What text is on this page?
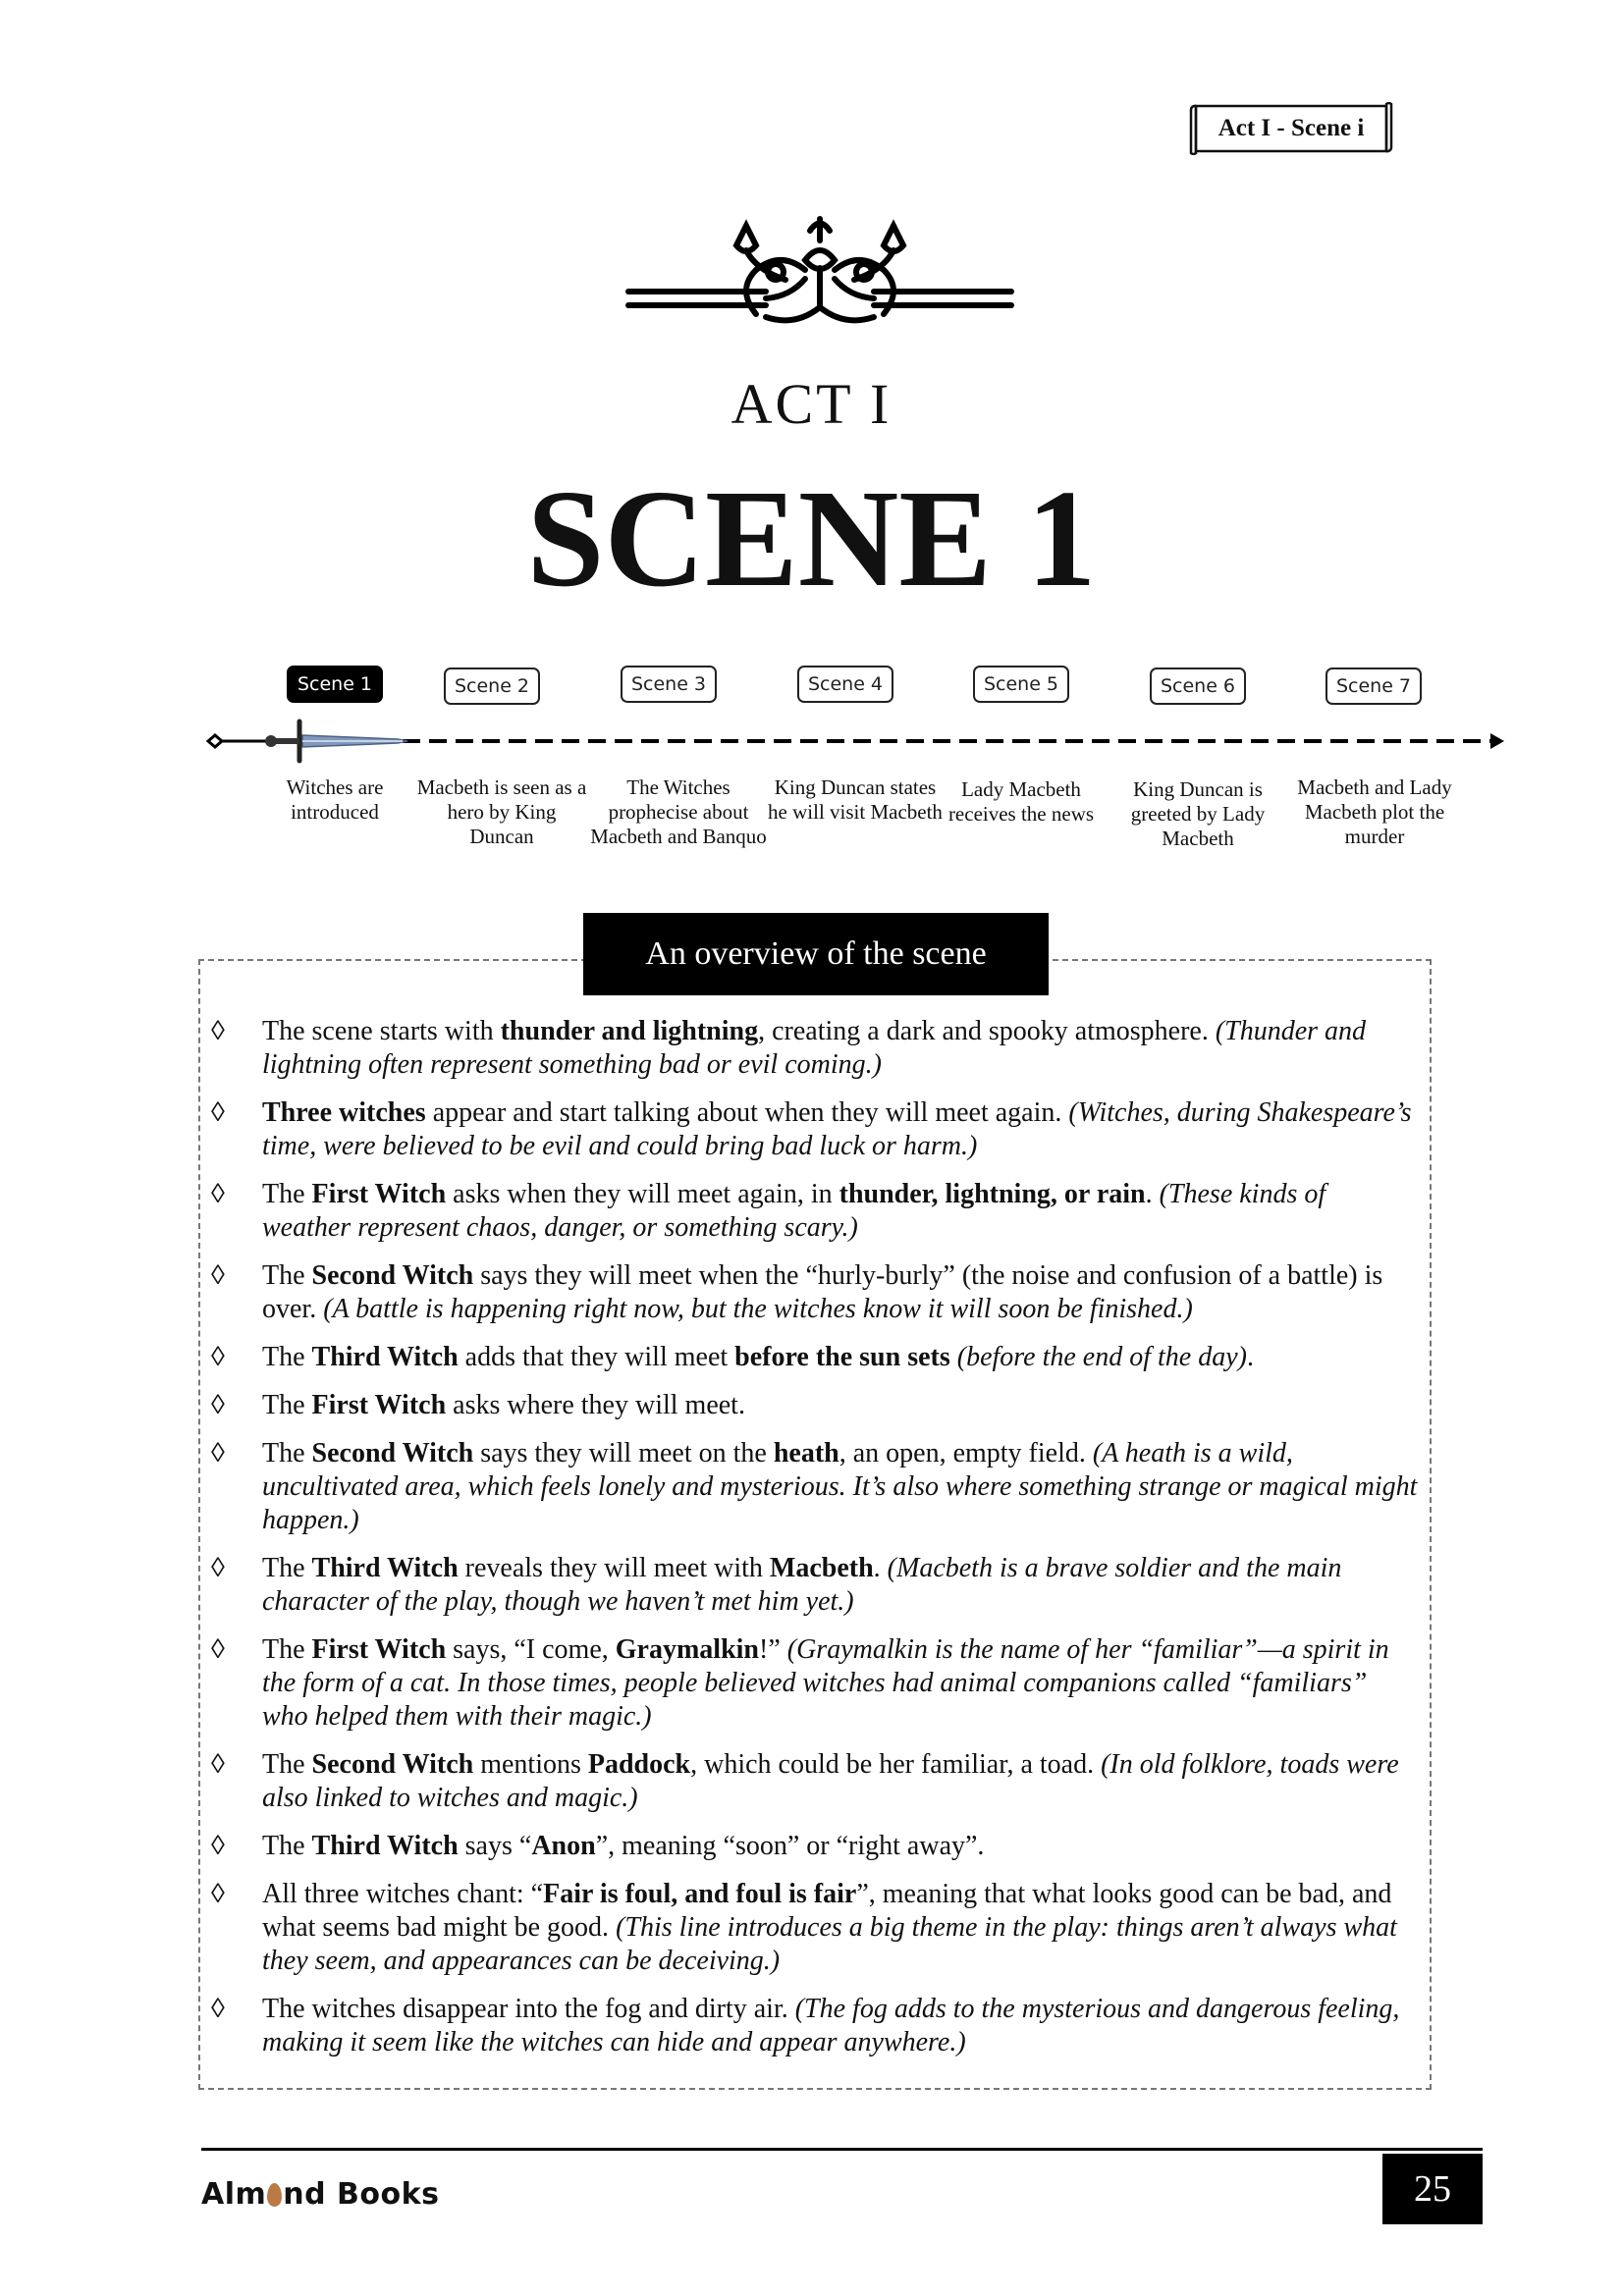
Act I - Scene i
ACT I
SCENE 1
Scene 1	Scene 2	Scene 3	Scene 4	Scene 5	Scene 6	Scene 7
Witches are introduced
Macbeth is seen as a hero by King Duncan
The Witches prophecise about Macbeth and Banquo
King Duncan states he will visit Macbeth
Lady Macbeth receives the news
King Duncan is greeted by Lady Macbeth
Macbeth and Lady Macbeth plot the murder
An overview of the scene
◊ The scene starts with thunder and lightning, creating a dark and spooky atmosphere. (Thunder and lightning often represent something bad or evil coming.)
◊ Three witches appear and start talking about when they will meet again. (Witches, during Shakespeare’s time, were believed to be evil and could bring bad luck or harm.)
◊ The First Witch asks when they will meet again, in thunder, lightning, or rain. (These kinds of weather represent chaos, danger, or something scary.)
◊ The Second Witch says they will meet when the “hurly-burly” (the noise and confusion of a battle) is over. (A battle is happening right now, but the witches know it will soon be finished.)
◊ The Third Witch adds that they will meet before the sun sets (before the end of the day).
◊ The First Witch asks where they will meet.
◊ The Second Witch says they will meet on the heath, an open, empty field. (A heath is a wild, uncultivated area, which feels lonely and mysterious. It’s also where something strange or magical might happen.)
◊ The Third Witch reveals they will meet with Macbeth. (Macbeth is a brave soldier and the main character of the play, though we haven’t met him yet.)
◊ The First Witch says, “I come, Graymalkin!” (Graymalkin is the name of her “familiar”—a spirit in the form of a cat. In those times, people believed witches had animal companions called “familiars” who helped them with their magic.)
◊ The Second Witch mentions Paddock, which could be her familiar, a toad. (In old folklore, toads were also linked to witches and magic.)
◊ The Third Witch says “Anon”, meaning “soon” or “right away”.
◊ All three witches chant: “Fair is foul, and foul is fair”, meaning that what looks good can be bad, and what seems bad might be good. (This line introduces a big theme in the play: things aren’t always what they seem, and appearances can be deceiving.)
◊ The witches disappear into the fog and dirty air. (The fog adds to the mysterious and dangerous feeling, making it seem like the witches can hide and appear anywhere.)
Alm nd Books	25
